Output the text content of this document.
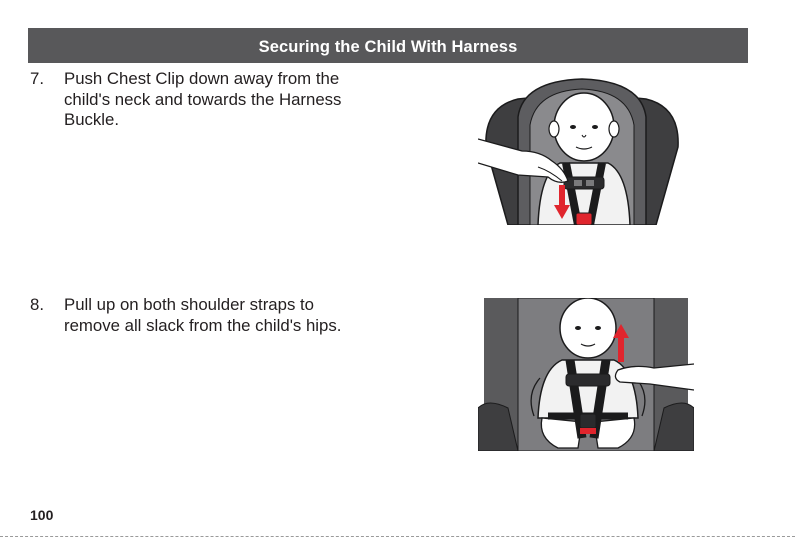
Securing the Child With Harness
7. Push Chest Clip down away from the child's neck and towards the Harness Buckle.
8. Pull up on both shoulder straps to remove all slack from the child's hips.
100
